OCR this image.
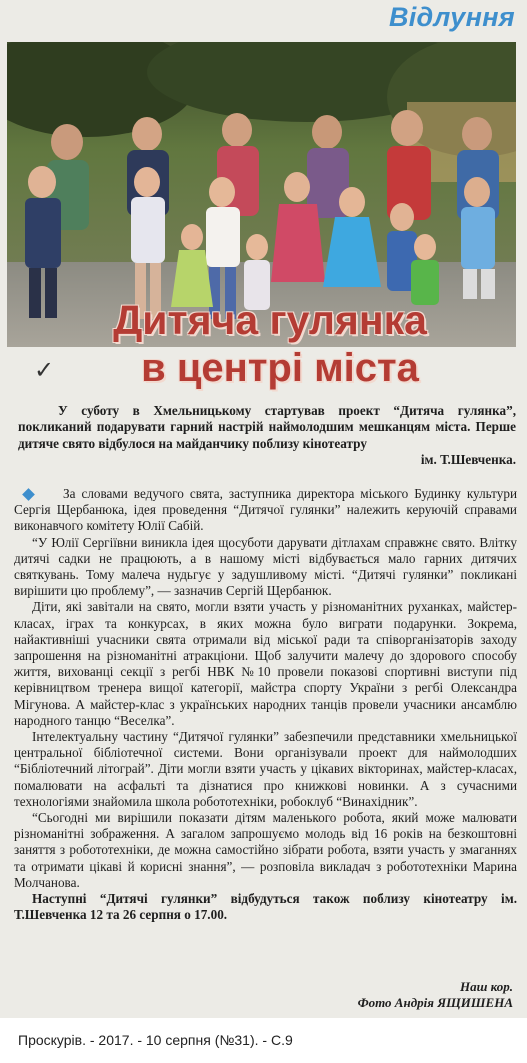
Відлуння
Дитяча гулянка
✓	в центрі міста
У суботу в Хмельницькому стартував проект “Дитяча гулянка”, покликаний подарувати гарний настрій наймолодшим мешканцям міста. Перше дитяче свято відбулося на майданчику поблизу кінотеатру
ім. Т.Шевченка.

За словами ведучого свята, заступника директора міського Будинку культури Сергія Щербанюка, ідея проведення “Дитячої гулянки” належить керуючій справами виконавчого комітету Юлії Сабій.

“У Юлії Сергіївни виникла ідея щосуботи дарувати дітлахам справжнє свято. Влітку дитячі садки не працюють, а в нашому місті відбувається мало гарних дитячих святкувань. Тому малеча нудьгує у задушливому місті. “Дитячі гулянки” покликані вирішити цю проблему”, — зазначив Сергій Щербанюк.

Діти, які завітали на свято, могли взяти участь у різноманітних руханках, майстер-класах, іграх та конкурсах, в яких можна було виграти подарунки. Зокрема, найактивніші учасники свята отримали від міської ради та співорганізаторів заходу запрошення на різноманітні атракціони. Щоб залучити малечу до здорового способу життя, вихованці секції з регбі НВК №10 провели показові спортивні виступи під керівництвом тренера вищої категорії, майстра спорту України з регбі Олександра Мігунова. А майстер-клас з українських народних танців провели учасники ансамблю народного танцю “Веселка”.

Інтелектуальну частину “Дитячої гулянки” забезпечили представники хмельницької центральної бібліотечної системи. Вони організували проект для наймолодших “Бібліотечний літограй”. Діти могли взяти участь у цікавих вікторинах, майстер-класах, помалювати на асфальті та дізнатися про книжкові новинки. А з сучасними технологіями знайомила школа робототехніки, робоклуб “Винахідник”.

“Сьогодні ми вирішили показати дітям маленького робота, який може малювати різноманітні зображення. А загалом запрошуємо молодь від 16 років на безкоштовні заняття з робототехніки, де можна самостійно зібрати робота, взяти участь у змаганнях та отримати цікаві й корисні знання”, — розповіла викладач з робототехніки Марина Молчанова.

Наступні “Дитячі гулянки” відбудуться також поблизу кінотеатру ім. Т.Шевченка 12 та 26 серпня о 17.00.

Наш кор.
Фото Андрія ЯЩИШЕНА
Проскурів. - 2017. - 10 серпня (№31). - С.9
